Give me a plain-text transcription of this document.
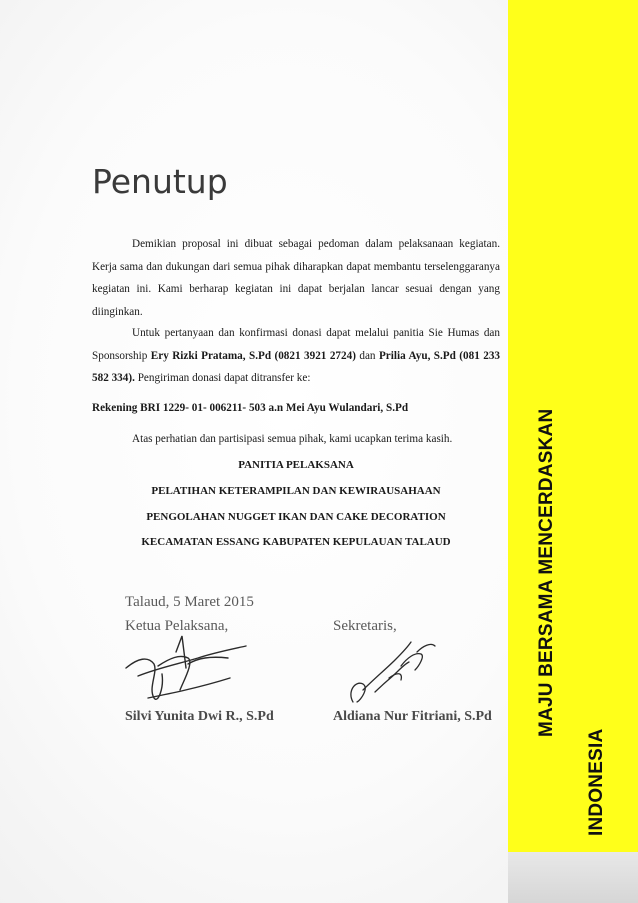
MAJU BERSAMA MENCERDASKAN
INDONESIA
Penutup

Demikian proposal ini dibuat sebagai pedoman dalam pelaksanaan kegiatan. Kerja sama dan dukungan dari semua pihak diharapkan dapat membantu terselenggaranya kegiatan ini. Kami berharap kegiatan ini dapat berjalan lancar sesuai dengan yang diinginkan.

Untuk pertanyaan dan konfirmasi donasi dapat melalui panitia Sie Humas dan Sponsorship Ery Rizki Pratama, S.Pd (0821 3921 2724) dan Prilia Ayu, S.Pd (081 233 582 334). Pengiriman donasi dapat ditransfer ke:

Rekening BRI 1229- 01- 006211- 503 a.n Mei Ayu Wulandari, S.Pd

Atas perhatian dan partisipasi semua pihak, kami ucapkan terima kasih.

PANITIA PELAKSANA

PELATIHAN KETERAMPILAN DAN KEWIRAUSAHAAN

PENGOLAHAN NUGGET IKAN DAN CAKE DECORATION

KECAMATAN ESSANG KABUPATEN KEPULAUAN TALAUD

Talaud, 5 Maret 2015
Ketua Pelaksana,	Sekretaris,
Silvi Yunita Dwi R., S.Pd	Aldiana Nur Fitriani, S.Pd
